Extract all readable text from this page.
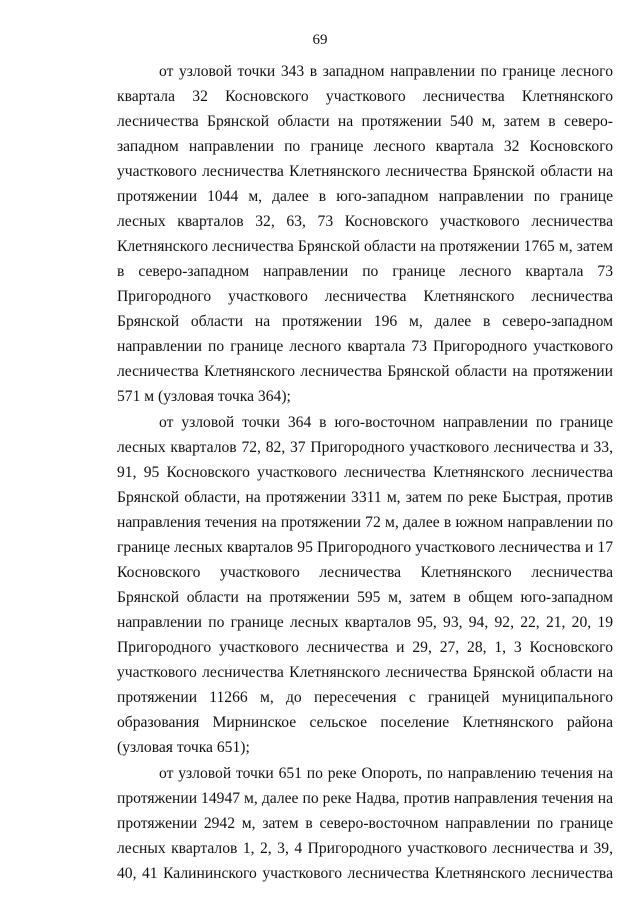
69

от узловой точки 343 в западном направлении по границе лесного квартала 32 Косновского участкового лесничества Клетнянского лесничества Брянской области на протяжении 540 м, затем в северо-западном направлении по границе лесного квартала 32 Косновского участкового лесничества Клетнянского лесничества Брянской области на протяжении 1044 м, далее в юго-западном направлении по границе лесных кварталов 32, 63, 73 Косновского участкового лесничества Клетнянского лесничества Брянской области на протяжении 1765 м, затем в северо-западном направлении по границе лесного квартала 73 Пригородного участкового лесничества Клетнянского лесничества Брянской области на протяжении 196 м, далее в северо-западном направлении по границе лесного квартала 73 Пригородного участкового лесничества Клетнянского лесничества Брянской области на протяжении 571 м (узловая точка 364);

от узловой точки 364 в юго-восточном направлении по границе лесных кварталов 72, 82, 37 Пригородного участкового лесничества и 33, 91, 95 Косновского участкового лесничества Клетнянского лесничества Брянской области, на протяжении 3311 м, затем по реке Быстрая, против направления течения на протяжении 72 м, далее в южном направлении по границе лесных кварталов 95 Пригородного участкового лесничества и 17 Косновского участкового лесничества Клетнянского лесничества Брянской области на протяжении 595 м, затем в общем юго-западном направлении по границе лесных кварталов 95, 93, 94, 92, 22, 21, 20, 19 Пригородного участкового лесничества и 29, 27, 28, 1, 3 Косновского участкового лесничества Клетнянского лесничества Брянской области на протяжении 11266 м, до пересечения с границей муниципального образования Мирнинское сельское поселение Клетнянского района (узловая точка 651);

от узловой точки 651 по реке Опороть, по направлению течения на протяжении 14947 м, далее по реке Надва, против направления течения на протяжении 2942 м, затем в северо-восточном направлении по границе лесных кварталов 1, 2, 3, 4 Пригородного участкового лесничества и 39, 40, 41 Калининского участкового лесничества Клетнянского лесничества
